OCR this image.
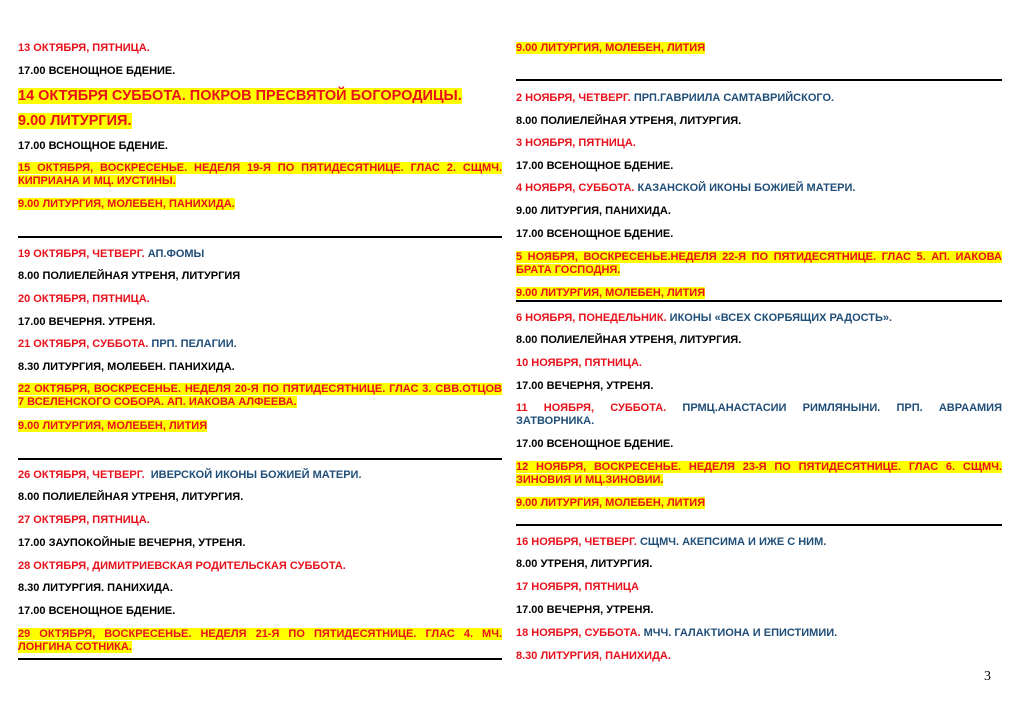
13 ОКТЯБРЯ, ПЯТНИЦА.
17.00 ВСЕНОЩНОЕ БДЕНИЕ.
14 ОКТЯБРЯ СУББОТА. ПОКРОВ ПРЕСВЯТОЙ БОГОРОДИЦЫ.
9.00 ЛИТУРГИЯ.
17.00 ВСНОЩНОЕ БДЕНИЕ.
15 ОКТЯБРЯ, ВОСКРЕСЕНЬЕ. НЕДЕЛЯ 19-Я ПО ПЯТИДЕСЯТНИЦЕ. ГЛАС 2. СЩМЧ. КИПРИАНА И МЦ. ИУСТИНЫ.
9.00 ЛИТУРГИЯ, МОЛЕБЕН, ПАНИХИДА.
19 ОКТЯБРЯ, ЧЕТВЕРГ. АП.ФОМЫ
8.00 ПОЛИЕЛЕЙНАЯ УТРЕНЯ, ЛИТУРГИЯ
20 ОКТЯБРЯ, ПЯТНИЦА.
17.00 ВЕЧЕРНЯ. УТРЕНЯ.
21 ОКТЯБРЯ, СУББОТА. ПРП. ПЕЛАГИИ.
8.30 ЛИТУРГИЯ, МОЛЕБЕН. ПАНИХИДА.
22 ОКТЯБРЯ, ВОСКРЕСЕНЬЕ. НЕДЕЛЯ 20-Я ПО ПЯТИДЕСЯТНИЦЕ. ГЛАС 3. СВВ.ОТЦОВ 7 ВСЕЛЕНСКОГО СОБОРА. АП. ИАКОВА АЛФЕЕВА.
9.00 ЛИТУРГИЯ, МОЛЕБЕН, ЛИТИЯ
26 ОКТЯБРЯ, ЧЕТВЕРГ. ИВЕРСКОЙ ИКОНЫ БОЖИЕЙ МАТЕРИ.
8.00 ПОЛИЕЛЕЙНАЯ УТРЕНЯ, ЛИТУРГИЯ.
27 ОКТЯБРЯ, ПЯТНИЦА.
17.00 ЗАУПОКОЙНЫЕ ВЕЧЕРНЯ, УТРЕНЯ.
28 ОКТЯБРЯ, ДИМИТРИЕВСКАЯ РОДИТЕЛЬСКАЯ СУББОТА.
8.30 ЛИТУРГИЯ. ПАНИХИДА.
17.00 ВСЕНОЩНОЕ БДЕНИЕ.
29 ОКТЯБРЯ, ВОСКРЕСЕНЬЕ. НЕДЕЛЯ 21-Я ПО ПЯТИДЕСЯТНИЦЕ. ГЛАС 4. МЧ. ЛОНГИНА СОТНИКА.
9.00 ЛИТУРГИЯ, МОЛЕБЕН, ЛИТИЯ
2 НОЯБРЯ, ЧЕТВЕРГ. ПРП.ГАВРИИЛА САМТАВРИЙСКОГО.
8.00 ПОЛИЕЛЕЙНАЯ УТРЕНЯ, ЛИТУРГИЯ.
3 НОЯБРЯ, ПЯТНИЦА.
17.00 ВСЕНОЩНОЕ БДЕНИЕ.
4 НОЯБРЯ, СУББОТА. КАЗАНСКОЙ ИКОНЫ БОЖИЕЙ МАТЕРИ.
9.00 ЛИТУРГИЯ, ПАНИХИДА.
17.00 ВСЕНОЩНОЕ БДЕНИЕ.
5 НОЯБРЯ, ВОСКРЕСЕНЬЕ.НЕДЕЛЯ 22-Я ПО ПЯТИДЕСЯТНИЦЕ. ГЛАС 5. АП. ИАКОВА БРАТА ГОСПОДНЯ.
9.00 ЛИТУРГИЯ, МОЛЕБЕН, ЛИТИЯ
6 НОЯБРЯ, ПОНЕДЕЛЬНИК. ИКОНЫ «ВСЕХ СКОРБЯЩИХ РАДОСТЬ».
8.00 ПОЛИЕЛЕЙНАЯ УТРЕНЯ, ЛИТУРГИЯ.
10 НОЯБРЯ, ПЯТНИЦА.
17.00 ВЕЧЕРНЯ, УТРЕНЯ.
11 НОЯБРЯ, СУББОТА. ПРМЦ.АНАСТАСИИ РИМЛЯНЫНИ. ПРП. АВРААМИЯ ЗАТВОРНИКА.
17.00 ВСЕНОЩНОЕ БДЕНИЕ.
12 НОЯБРЯ, ВОСКРЕСЕНЬЕ. НЕДЕЛЯ 23-Я ПО ПЯТИДЕСЯТНИЦЕ. ГЛАС 6. СЩМЧ. ЗИНОВИЯ И МЦ.ЗИНОВИИ.
9.00 ЛИТУРГИЯ, МОЛЕБЕН, ЛИТИЯ
16 НОЯБРЯ, ЧЕТВЕРГ. СЩМЧ. АКЕПСИМА И ИЖЕ С НИМ.
8.00 УТРЕНЯ, ЛИТУРГИЯ.
17 НОЯБРЯ, ПЯТНИЦА
17.00 ВЕЧЕРНЯ, УТРЕНЯ.
18 НОЯБРЯ, СУББОТА. МЧЧ. ГАЛАКТИОНА И ЕПИСТИМИИ.
8.30 ЛИТУРГИЯ, ПАНИХИДА.
3
